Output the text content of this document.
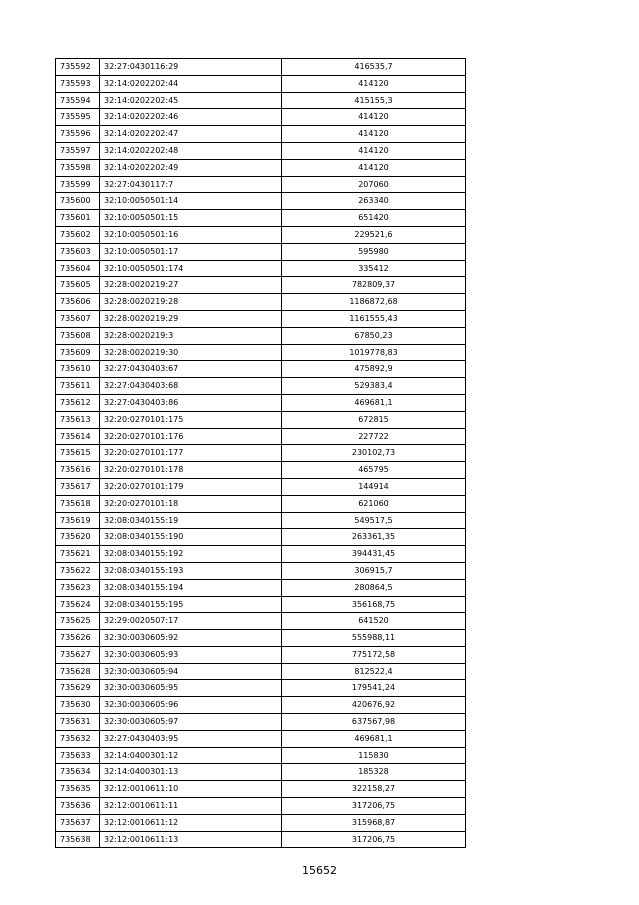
735592	32:27:0430116:29	416535,7
735593	32:14:0202202:44	414120
735594	32:14:0202202:45	415155,3
735595	32:14:0202202:46	414120
735596	32:14:0202202:47	414120
735597	32:14:0202202:48	414120
735598	32:14:0202202:49	414120
735599	32:27:0430117:7	207060
735600	32:10:0050501:14	263340
735601	32:10:0050501:15	651420
735602	32:10:0050501:16	229521,6
735603	32:10:0050501:17	595980
735604	32:10:0050501:174	335412
735605	32:28:0020219:27	782809,37
735606	32:28:0020219:28	1186872,68
735607	32:28:0020219:29	1161555,43
735608	32:28:0020219:3	67850,23
735609	32:28:0020219:30	1019778,83
735610	32:27:0430403:67	475892,9
735611	32:27:0430403:68	529383,4
735612	32:27:0430403:86	469681,1
735613	32:20:0270101:175	672815
735614	32:20:0270101:176	227722
735615	32:20:0270101:177	230102,73
735616	32:20:0270101:178	465795
735617	32:20:0270101:179	144914
735618	32:20:0270101:18	621060
735619	32:08:0340155:19	549517,5
735620	32:08:0340155:190	263361,35
735621	32:08:0340155:192	394431,45
735622	32:08:0340155:193	306915,7
735623	32:08:0340155:194	280864,5
735624	32:08:0340155:195	356168,75
735625	32:29:0020507:17	641520
735626	32:30:0030605:92	555988,11
735627	32:30:0030605:93	775172,58
735628	32:30:0030605:94	812522,4
735629	32:30:0030605:95	179541,24
735630	32:30:0030605:96	420676,92
735631	32:30:0030605:97	637567,98
735632	32:27:0430403:95	469681,1
735633	32:14:0400301:12	115830
735634	32:14:0400301:13	185328
735635	32:12:0010611:10	322158,27
735636	32:12:0010611:11	317206,75
735637	32:12:0010611:12	315968,87
735638	32:12:0010611:13	317206,75
15652
